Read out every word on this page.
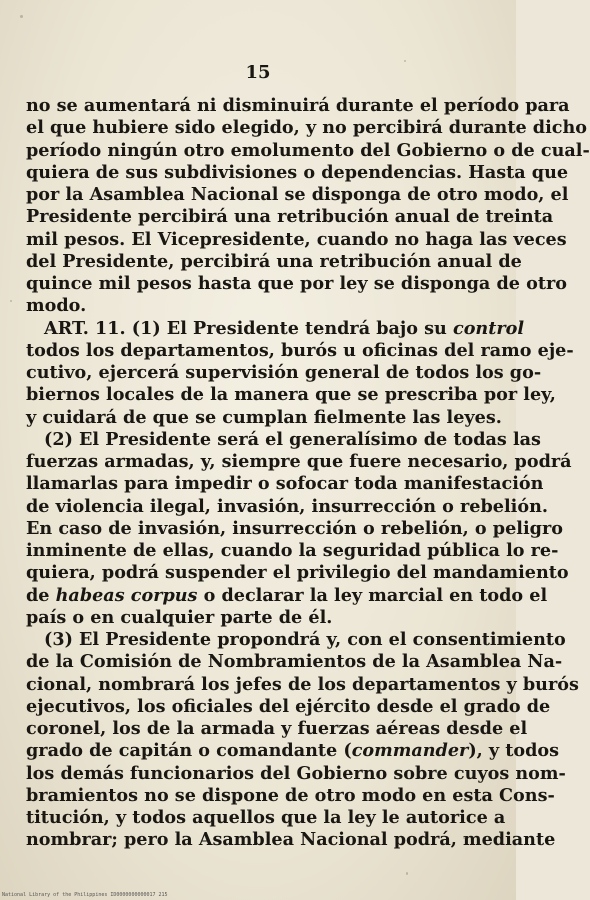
15
no se aumentará ni disminuirá durante el período para
el que hubiere sido elegido, y no percibirá durante dicho
período ningún otro emolumento del Gobierno o de cual-
quiera de sus subdivisiones o dependencias. Hasta que
por la Asamblea Nacional se disponga de otro modo, el
Presidente percibirá una retribución anual de treinta
mil pesos. El Vicepresidente, cuando no haga las veces
del Presidente, percibirá una retribución anual de
quince mil pesos hasta que por ley se disponga de otro
modo.
ART. 11. (1) El Presidente tendrá bajo su control
todos los departamentos, burós u oficinas del ramo eje-
cutivo, ejercerá supervisión general de todos los go-
biernos locales de la manera que se prescriba por ley,
y cuidará de que se cumplan fielmente las leyes.
(2) El Presidente será el generalísimo de todas las
fuerzas armadas, y, siempre que fuere necesario, podrá
llamarlas para impedir o sofocar toda manifestación
de violencia ilegal, invasión, insurrección o rebelión.
En caso de invasión, insurrección o rebelión, o peligro
inminente de ellas, cuando la seguridad pública lo re-
quiera, podrá suspender el privilegio del mandamiento
de habeas corpus o declarar la ley marcial en todo el
país o en cualquier parte de él.
(3) El Presidente propondrá y, con el consentimiento
de la Comisión de Nombramientos de la Asamblea Na-
cional, nombrará los jefes de los departamentos y burós
ejecutivos, los oficiales del ejército desde el grado de
coronel, los de la armada y fuerzas aéreas desde el
grado de capitán o comandante (commander), y todos
los demás funcionarios del Gobierno sobre cuyos nom-
bramientos no se dispone de otro modo en esta Cons-
titución, y todos aquellos que la ley le autorice a
nombrar; pero la Asamblea Nacional podrá, mediante
National Library of the Philippines ID0000000000017 215
